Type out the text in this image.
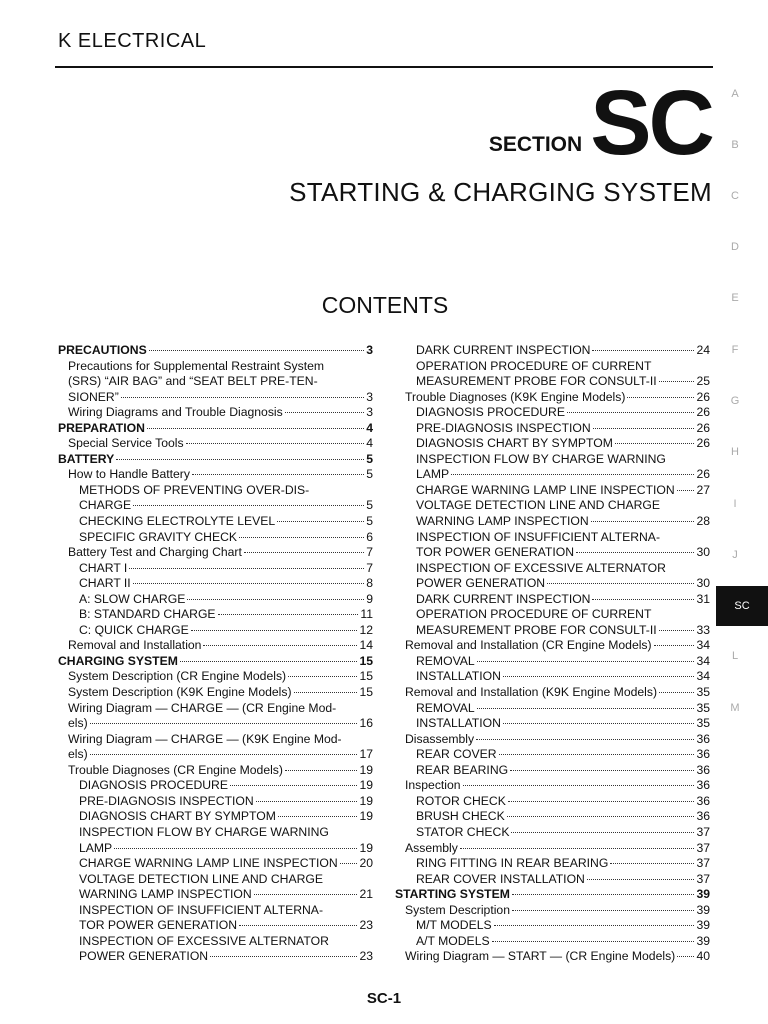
K ELECTRICAL
SECTION SC
STARTING & CHARGING SYSTEM
CONTENTS
PRECAUTIONS	3
Precautions for Supplemental Restraint System
(SRS) “AIR BAG” and “SEAT BELT PRE-TEN-
SIONER”	3
Wiring Diagrams and Trouble Diagnosis	3
PREPARATION	4
Special Service Tools	4
BATTERY	5
How to Handle Battery	5
METHODS OF PREVENTING OVER-DIS-
CHARGE	5
CHECKING ELECTROLYTE LEVEL	5
SPECIFIC GRAVITY CHECK	6
Battery Test and Charging Chart	7
CHART I	7
CHART II	8
A: SLOW CHARGE	9
B: STANDARD CHARGE	11
C: QUICK CHARGE	12
Removal and Installation	14
CHARGING SYSTEM	15
System Description (CR Engine Models)	15
System Description (K9K Engine Models)	15
Wiring Diagram — CHARGE — (CR Engine Mod-
els)	16
Wiring Diagram — CHARGE — (K9K Engine Mod-
els)	17
Trouble Diagnoses (CR Engine Models)	19
DIAGNOSIS PROCEDURE	19
PRE-DIAGNOSIS INSPECTION	19
DIAGNOSIS CHART BY SYMPTOM	19
INSPECTION FLOW BY CHARGE WARNING
LAMP	19
CHARGE WARNING LAMP LINE INSPECTION 20
VOLTAGE DETECTION LINE AND CHARGE
WARNING LAMP INSPECTION	21
INSPECTION OF INSUFFICIENT ALTERNA-
TOR POWER GENERATION	23
INSPECTION OF EXCESSIVE ALTERNATOR
POWER GENERATION	23
DARK CURRENT INSPECTION	24
OPERATION PROCEDURE OF CURRENT
MEASUREMENT PROBE FOR CONSULT-II	25
Trouble Diagnoses (K9K Engine Models)	26
DIAGNOSIS PROCEDURE	26
PRE-DIAGNOSIS INSPECTION	26
DIAGNOSIS CHART BY SYMPTOM	26
INSPECTION FLOW BY CHARGE WARNING
LAMP	26
CHARGE WARNING LAMP LINE INSPECTION 27
VOLTAGE DETECTION LINE AND CHARGE
WARNING LAMP INSPECTION	28
INSPECTION OF INSUFFICIENT ALTERNA-
TOR POWER GENERATION	30
INSPECTION OF EXCESSIVE ALTERNATOR
POWER GENERATION	30
DARK CURRENT INSPECTION	31
OPERATION PROCEDURE OF CURRENT
MEASUREMENT PROBE FOR CONSULT-II	33
Removal and Installation (CR Engine Models)	34
REMOVAL	34
INSTALLATION	34
Removal and Installation (K9K Engine Models)	35
REMOVAL	35
INSTALLATION	35
Disassembly	36
REAR COVER	36
REAR BEARING	36
Inspection	36
ROTOR CHECK	36
BRUSH CHECK	36
STATOR CHECK	37
Assembly	37
RING FITTING IN REAR BEARING	37
REAR COVER INSTALLATION	37
STARTING SYSTEM	39
System Description	39
M/T MODELS	39
A/T MODELS	39
Wiring Diagram — START — (CR Engine Models) 40
A
B
C
D
E
F
G
H
I
J
SC
L
M
SC-1
